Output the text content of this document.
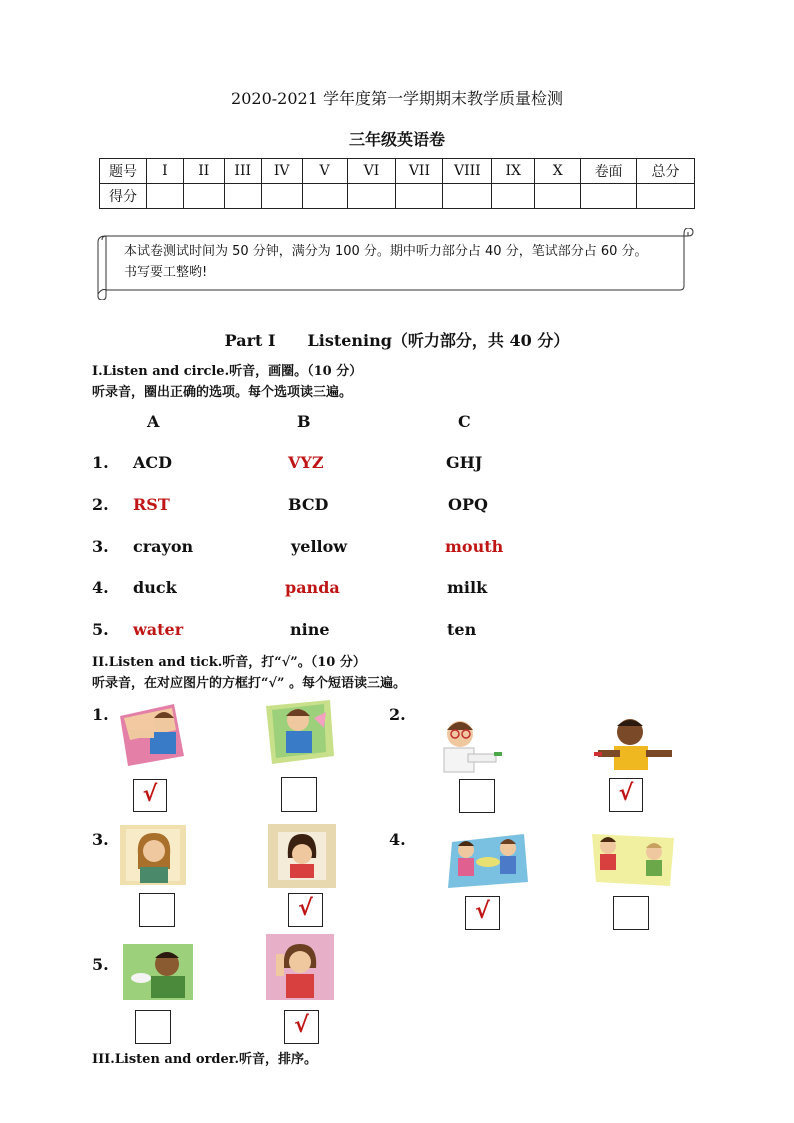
2020-2021 学年度第一学期期末教学质量检测
三年级英语卷
题号	I	II	III	IV	V	VI	VII	VIII	IX	X	卷面	总分
得分												
本试卷测试时间为 50 分钟，满分为 100 分。期中听力部分占 40 分，笔试部分占 60 分。
书写要工整哟!
Part I　　Listening（听力部分，共 40 分）
I.Listen and circle.听音，画圈。（10 分）
听录音，圈出正确的选项。每个选项读三遍。
A	B	C
1. ACD	VYZ	GHJ
2. RST	BCD	OPQ
3. crayon	yellow	mouth
4. duck	panda	milk
5. water	nine	ten
II.Listen and tick.听音，打“√”。（10 分）
听录音，在对应图片的方框打“√” 。每个短语读三遍。
1.	2.
3.	4.
5.
√	√
√	√
√
III.Listen and order.听音，排序。
